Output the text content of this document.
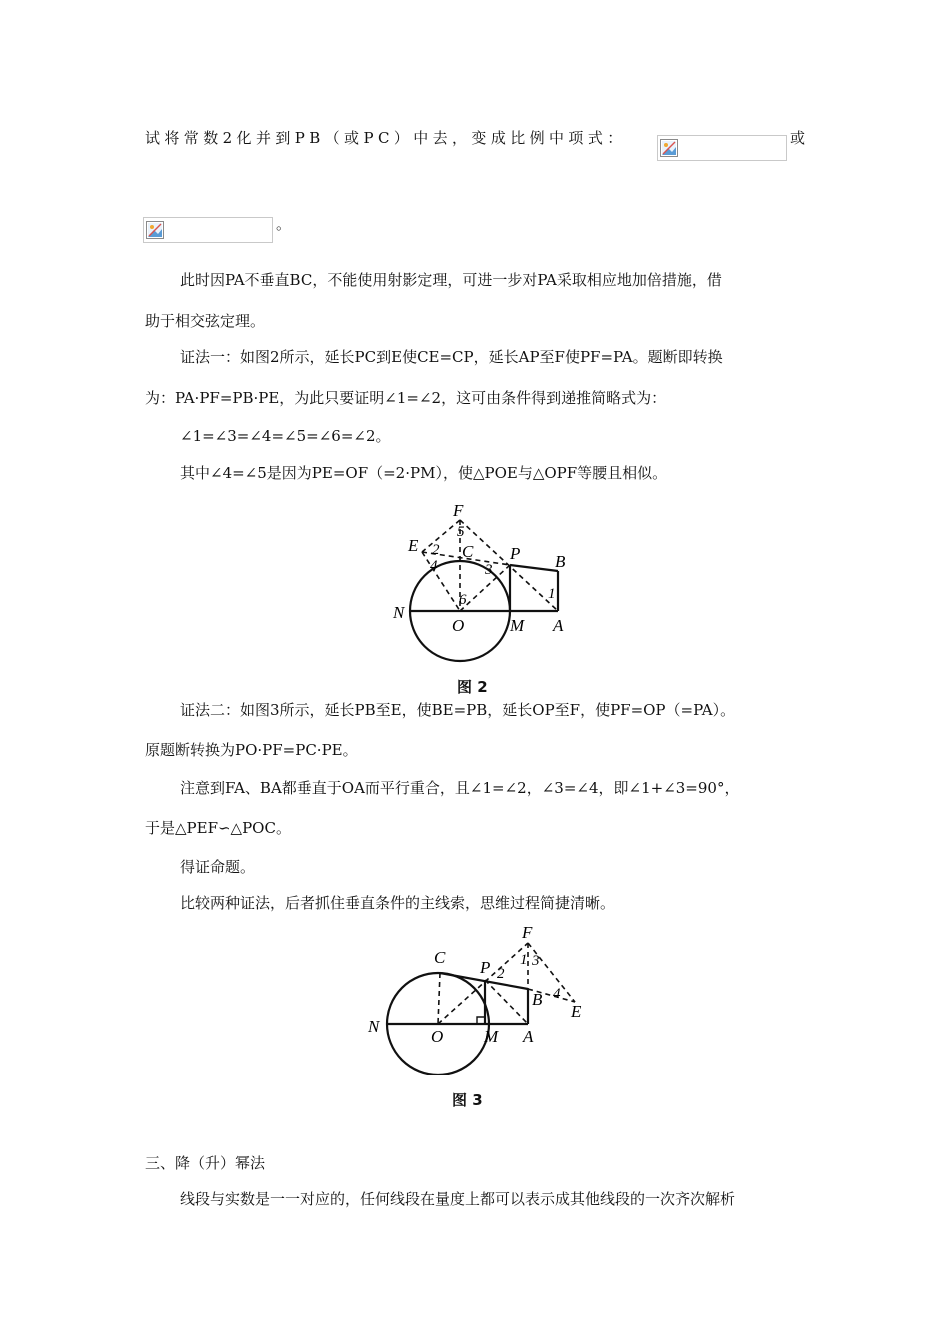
试将常数2化并到PB（或PC）中去，变成比例中项式：	或
。
此时因PA不垂直BC，不能使用射影定理，可进一步对PA采取相应地加倍措施，借
助于相交弦定理。
证法一：如图2所示，延长PC到E使CE=CP，延长AP至F使PF=PA。题断即转换
为：PA·PF=PB·PE，为此只要证明∠1=∠2，这可由条件得到递推简略式为：
∠1=∠3=∠4=∠5=∠6=∠2。
其中∠4=∠5是因为PE=OF（=2·PM），使△POE与△OPF等腰且相似。
F
E	C P B
N
O	M A
1
2
3
4
5
6
图 2
证法二：如图3所示，延长PB至E，使BE=PB，延长OP至F，使PF=OP（=PA）。
原题断转换为PO·PF=PC·PE。
注意到FA、BA都垂直于OA而平行重合，且∠1=∠2，∠3=∠4，即∠1+∠3=90°，
于是△PEF∽△POC。
得证命题。
比较两种证法，后者抓住垂直条件的主线索，思维过程简捷清晰。
F
C
P
B
E
N
O M A
1
2
3
4
图 3
三、降（升）幂法
线段与实数是一一对应的，任何线段在量度上都可以表示成其他线段的一次齐次解析
